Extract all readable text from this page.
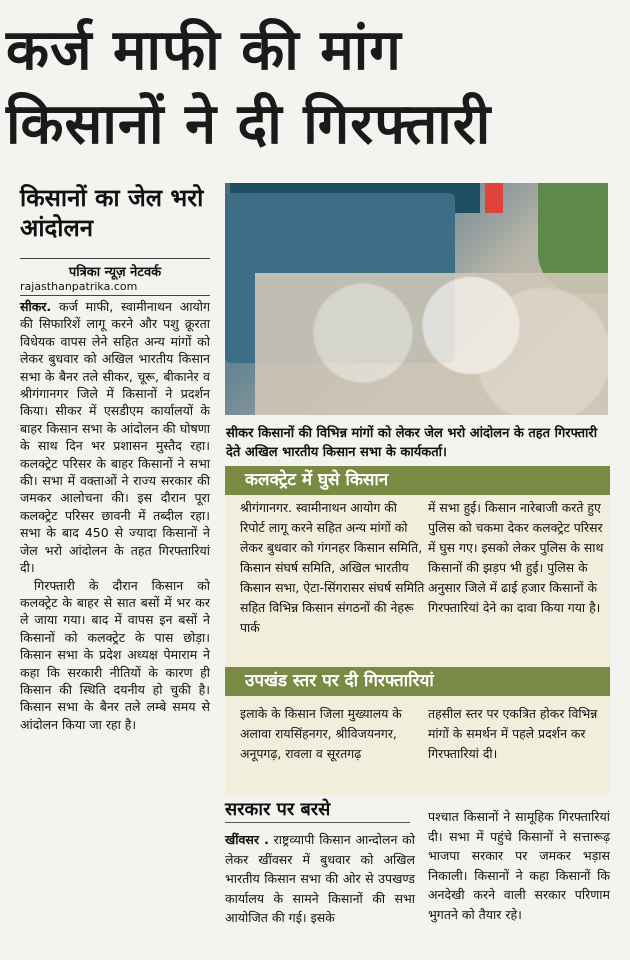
कर्ज माफी की मांग
किसानों ने दी गिरफ्तारी
किसानों का जेल भरो आंदोलन
पत्रिका न्यूज़ नेटवर्क
rajasthanpatrika.com

सीकर. कर्ज माफी, स्वामीनाथन आयोग की सिफारिशें लागू करने और पशु क्रूरता विधेयक वापस लेने सहित अन्य मांगों को लेकर बुधवार को अखिल भारतीय किसान सभा के बैनर तले सीकर, चूरू, बीकानेर व श्रीगंगानगर जिले में किसानों ने प्रदर्शन किया। सीकर में एसडीएम कार्यालयों के बाहर किसान सभा के आंदोलन की घोषणा के साथ दिन भर प्रशासन मुस्तैद रहा। कलक्ट्रेट परिसर के बाहर किसानों ने सभा की। सभा में वक्ताओं ने राज्य सरकार की जमकर आलोचना की। इस दौरान पूरा कलक्ट्रेट परिसर छावनी में तब्दील रहा। सभा के बाद 450 से ज्यादा किसानों ने जेल भरो आंदोलन के तहत गिरफ्तारियां दी।

गिरफ्तारी के दौरान किसान को कलक्ट्रेट के बाहर से सात बसों में भर कर ले जाया गया। बाद में वापस इन बसों ने किसानों को कलक्ट्रेट के पास छोड़ा। किसान सभा के प्रदेश अध्यक्ष पेमाराम ने कहा कि सरकारी नीतियों के कारण ही किसान की स्थिति दयनीय हो चुकी है। किसान सभा के बैनर तले लम्बे समय से आंदोलन किया जा रहा है।

सीकर किसानों की विभिन्न मांगों को लेकर जेल भरो आंदोलन के तहत गिरफ्तारी देते अखिल भारतीय किसान सभा के कार्यकर्ता।

कलक्ट्रेट में घुसे किसान
श्रीगंगानगर. स्वामीनाथन आयोग की रिपोर्ट लागू करने सहित अन्य मांगों को लेकर बुधवार को गंगनहर किसान समिति, किसान संघर्ष समिति, अखिल भारतीय किसान सभा, ऐटा-सिंगरासर संघर्ष समिति सहित विभिन्न किसान संगठनों की नेहरू पार्क
में सभा हुई। किसान नारेबाजी करते हुए पुलिस को चकमा देकर कलक्ट्रेट परिसर में घुस गए। इसको लेकर पुलिस के साथ किसानों की झड़प भी हुई। पुलिस के अनुसार जिले में ढाई हजार किसानों के गिरफ्तारियां देने का दावा किया गया है।
उपखंड स्तर पर दी गिरफ्तारियां
इलाके के किसान जिला मुख्यालय के अलावा रायसिंहनगर, श्रीविजयनगर, अनूपगढ़, रावला व सूरतगढ़
तहसील स्तर पर एकत्रित होकर विभिन्न मांगों के समर्थन में पहले प्रदर्शन कर गिरफ्तारियां दी।
सरकार पर बरसे
खींवसर . राष्ट्रव्यापी किसान आन्दोलन को लेकर खींवसर में बुधवार को अखिल भारतीय किसान सभा की ओर से उपखण्ड कार्यालय के सामने किसानों की सभा आयोजित की गई। इसके
पश्चात किसानों ने सामूहिक गिरफ्तारियां दी। सभा में पहुंचे किसानों ने सत्तारूढ़ भाजपा सरकार पर जमकर भड़ास निकाली। किसानों ने कहा किसानों कि अनदेखी करने वाली सरकार परिणाम भुगतने को तैयार रहे।
